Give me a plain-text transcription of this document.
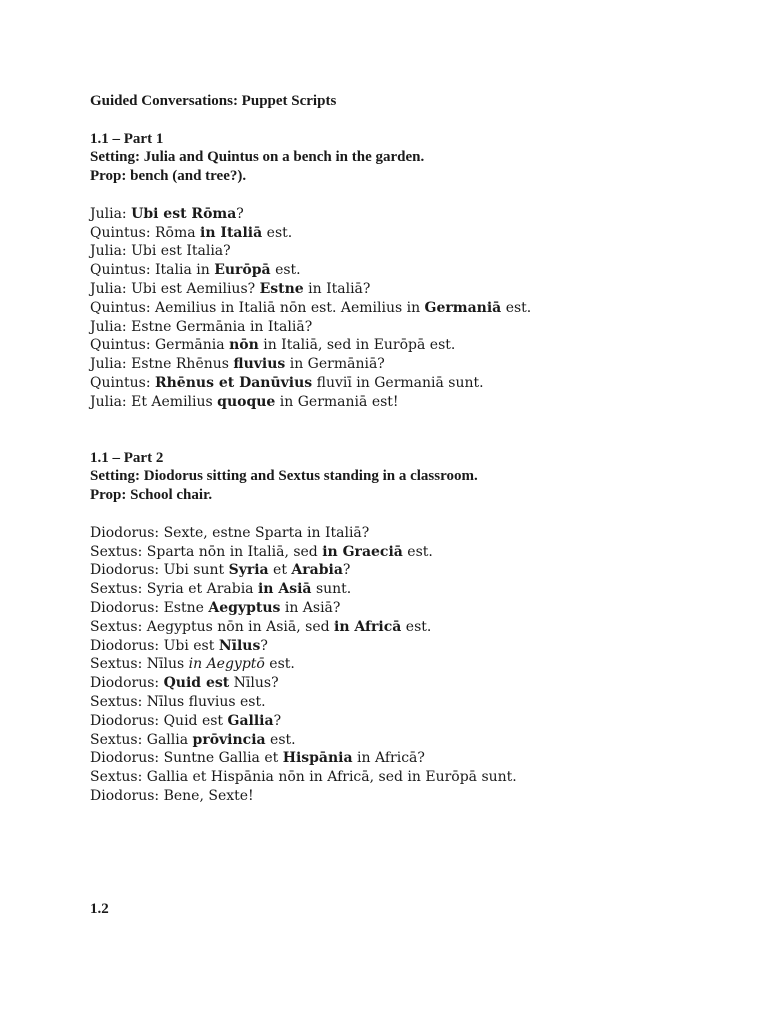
Guided Conversations: Puppet Scripts
1.1 – Part 1
Setting: Julia and Quintus on a bench in the garden.
Prop: bench (and tree?).
Julia: Ubi est Rōma?
Quintus: Rōma in Italiā est.
Julia: Ubi est Italia?
Quintus: Italia in Eurōpā est.
Julia: Ubi est Aemilius? Estne in Italiā?
Quintus: Aemilius in Italiā nōn est. Aemilius in Germaniā est.
Julia: Estne Germānia in Italiā?
Quintus: Germānia nōn in Italiā, sed in Eurōpā est.
Julia: Estne Rhēnus fluvius in Germāniā?
Quintus: Rhēnus et Danūvius fluviī in Germaniā sunt.
Julia: Et Aemilius quoque in Germaniā est!
1.1 – Part 2
Setting: Diodorus sitting and Sextus standing in a classroom.
Prop: School chair.
Diodorus: Sexte, estne Sparta in Italiā?
Sextus: Sparta nōn in Italiā, sed in Graeciā est.
Diodorus: Ubi sunt Syria et Arabia?
Sextus: Syria et Arabia in Asiā sunt.
Diodorus: Estne Aegyptus in Asiā?
Sextus: Aegyptus nōn in Asiā, sed in Africā est.
Diodorus: Ubi est Nīlus?
Sextus: Nīlus in Aegyptō est.
Diodorus: Quid est Nīlus?
Sextus: Nīlus fluvius est.
Diodorus: Quid est Gallia?
Sextus: Gallia prōvincia est.
Diodorus: Suntne Gallia et Hispānia in Africā?
Sextus: Gallia et Hispānia nōn in Africā, sed in Eurōpā sunt.
Diodorus: Bene, Sexte!
1.2
